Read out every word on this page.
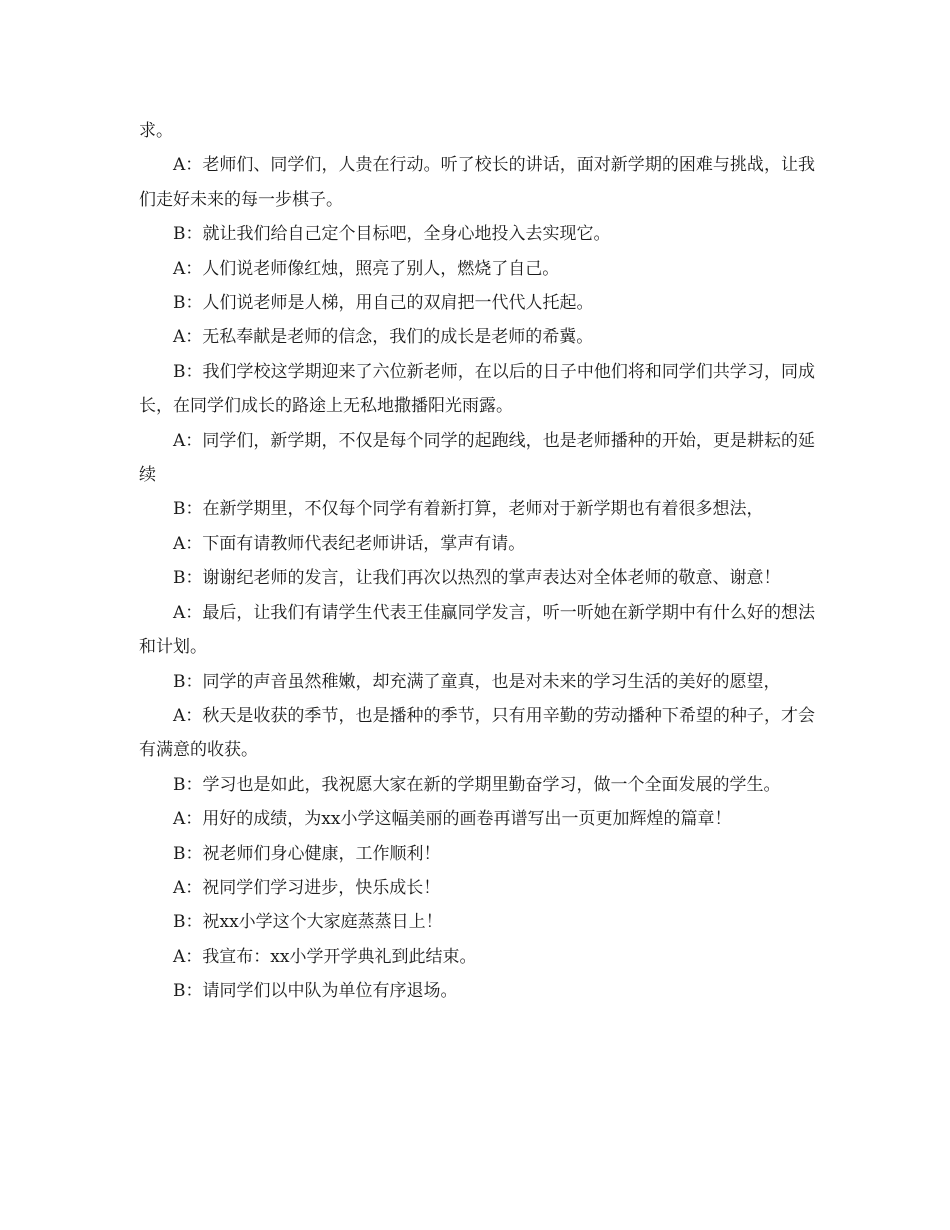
求。

A：老师们、同学们，人贵在行动。听了校长的讲话，面对新学期的困难与挑战，让我们走好未来的每一步棋子。

B：就让我们给自己定个目标吧，全身心地投入去实现它。

A：人们说老师像红烛，照亮了别人，燃烧了自己。

B：人们说老师是人梯，用自己的双肩把一代代人托起。

A：无私奉献是老师的信念，我们的成长是老师的希冀。

B：我们学校这学期迎来了六位新老师，在以后的日子中他们将和同学们共学习，同成长，在同学们成长的路途上无私地撒播阳光雨露。

A：同学们，新学期，不仅是每个同学的起跑线，也是老师播种的开始，更是耕耘的延续

B：在新学期里，不仅每个同学有着新打算，老师对于新学期也有着很多想法，

A：下面有请教师代表纪老师讲话，掌声有请。

B：谢谢纪老师的发言，让我们再次以热烈的掌声表达对全体老师的敬意、谢意！

A：最后，让我们有请学生代表王佳赢同学发言，听一听她在新学期中有什么好的想法和计划。

B：同学的声音虽然稚嫩，却充满了童真，也是对未来的学习生活的美好的愿望，

A：秋天是收获的季节，也是播种的季节，只有用辛勤的劳动播种下希望的种子，才会有满意的收获。

B：学习也是如此，我祝愿大家在新的学期里勤奋学习，做一个全面发展的学生。

A：用好的成绩，为xx小学这幅美丽的画卷再谱写出一页更加辉煌的篇章！

B：祝老师们身心健康，工作顺利！

A：祝同学们学习进步，快乐成长！

B：祝xx小学这个大家庭蒸蒸日上！

A：我宣布：xx小学开学典礼到此结束。

B：请同学们以中队为单位有序退场。
